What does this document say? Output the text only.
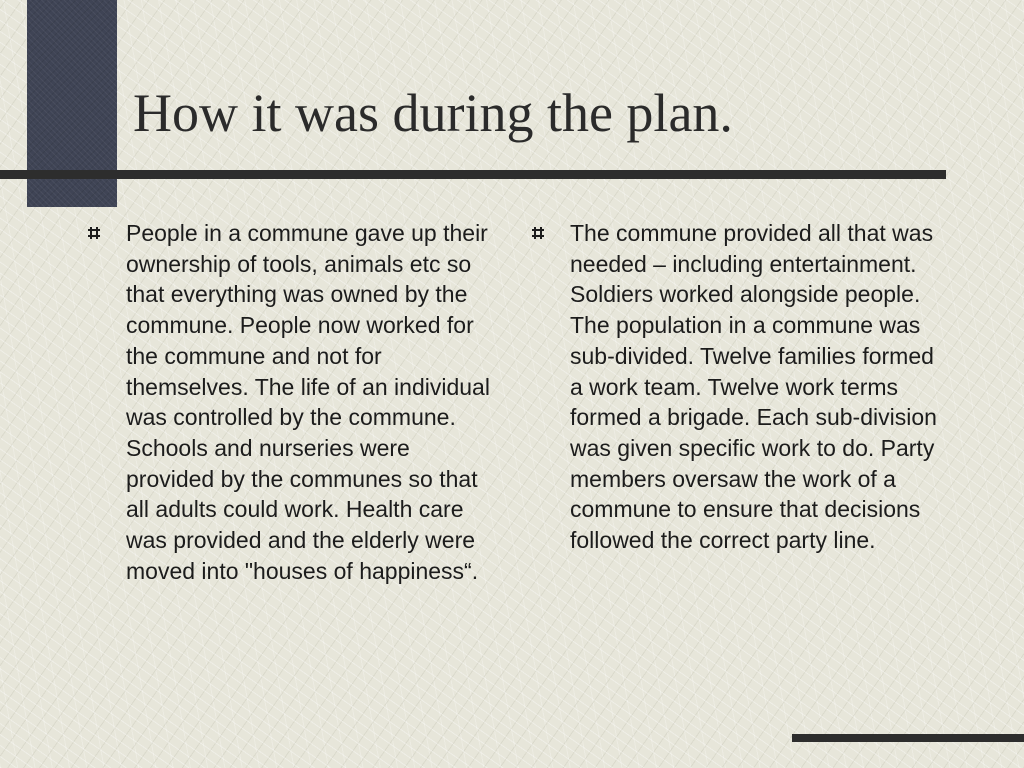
How it was during the plan.

People in a commune gave up their ownership of tools, animals etc so that everything was owned by the commune. People now worked for the commune and not for themselves. The life of an individual was controlled by the commune. Schools and nurseries were provided by the communes so that all adults could work. Health care was provided and the elderly were moved into "houses of happiness“.

The commune provided all that was needed – including entertainment. Soldiers worked alongside people. The population in a commune was sub-divided. Twelve families formed a work team. Twelve work terms formed a brigade. Each sub-division was given specific work to do. Party members oversaw the work of a commune to ensure that decisions followed the correct party line.
